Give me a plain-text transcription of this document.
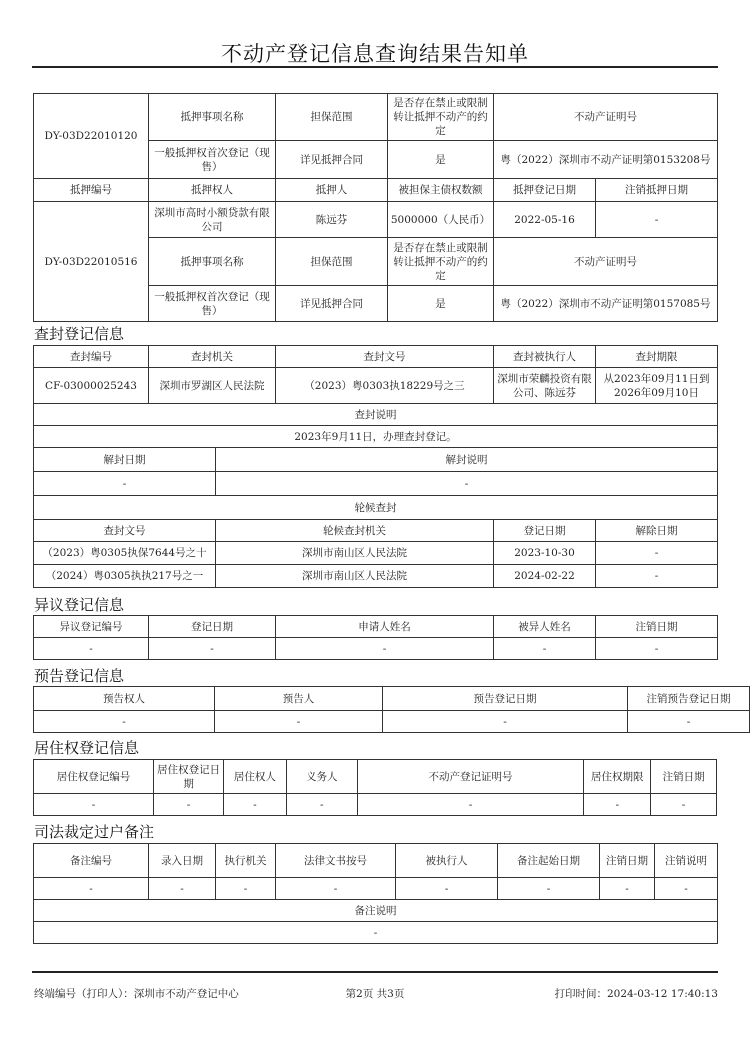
不动产登记信息查询结果告知单
DY-03D22010120	抵押事项名称	担保范围	是否存在禁止或限制转让抵押不动产的约定	不动产证明号	
	一般抵押权首次登记（现售）	详见抵押合同	是	粤（2022）深圳市不动产证明第0153208号	
抵押编号	抵押权人	抵押人	被担保主债权数额	抵押登记日期	注销抵押日期
DY-03D22010516	深圳市高时小额贷款有限公司	陈远芬	5000000（人民币）	2022-05-16	-
	抵押事项名称	担保范围	是否存在禁止或限制转让抵押不动产的约定	不动产证明号	
	一般抵押权首次登记（现售）	详见抵押合同	是	粤（2022）深圳市不动产证明第0157085号	
查封登记信息
查封编号	查封机关		查封文号	查封被执行人	查封期限
CF-03000025243	深圳市罗湖区人民法院		（2023）粤0303执18229号之三	深圳市荣麟投资有限公司、陈远芬	从2023年09月11日到2026年09月10日
查封说明					
2023年9月11日，办理查封登记。					
解封日期		解封说明			
-		-			
轮候查封					
查封文号		轮候查封机关		登记日期	解除日期
（2023）粤0305执保7644号之十		深圳市南山区人民法院		2023-10-30	-
（2024）粤0305执执217号之一		深圳市南山区人民法院		2024-02-22	-
异议登记信息
异议登记编号	登记日期	申请人姓名	被异人姓名	注销日期
-	-	-	-	-
预告登记信息
预告权人	预告人	预告登记日期	注销预告登记日期
-	-	-	-
居住权登记信息
居住权登记编号	居住权登记日期	居住权人	义务人	不动产登记证明号	居住权期限	注销日期
-	-	-	-	-	-	-
司法裁定过户备注
备注编号	录入日期	执行机关	法律文书按号	被执行人	备注起始日期	注销日期	注销说明
-	-	-	-	-	-	-	-
备注说明							
-							
终端编号（打印人）：深圳市不动产登记中心	第2页 共3页	打印时间：2024-03-12 17:40:13
